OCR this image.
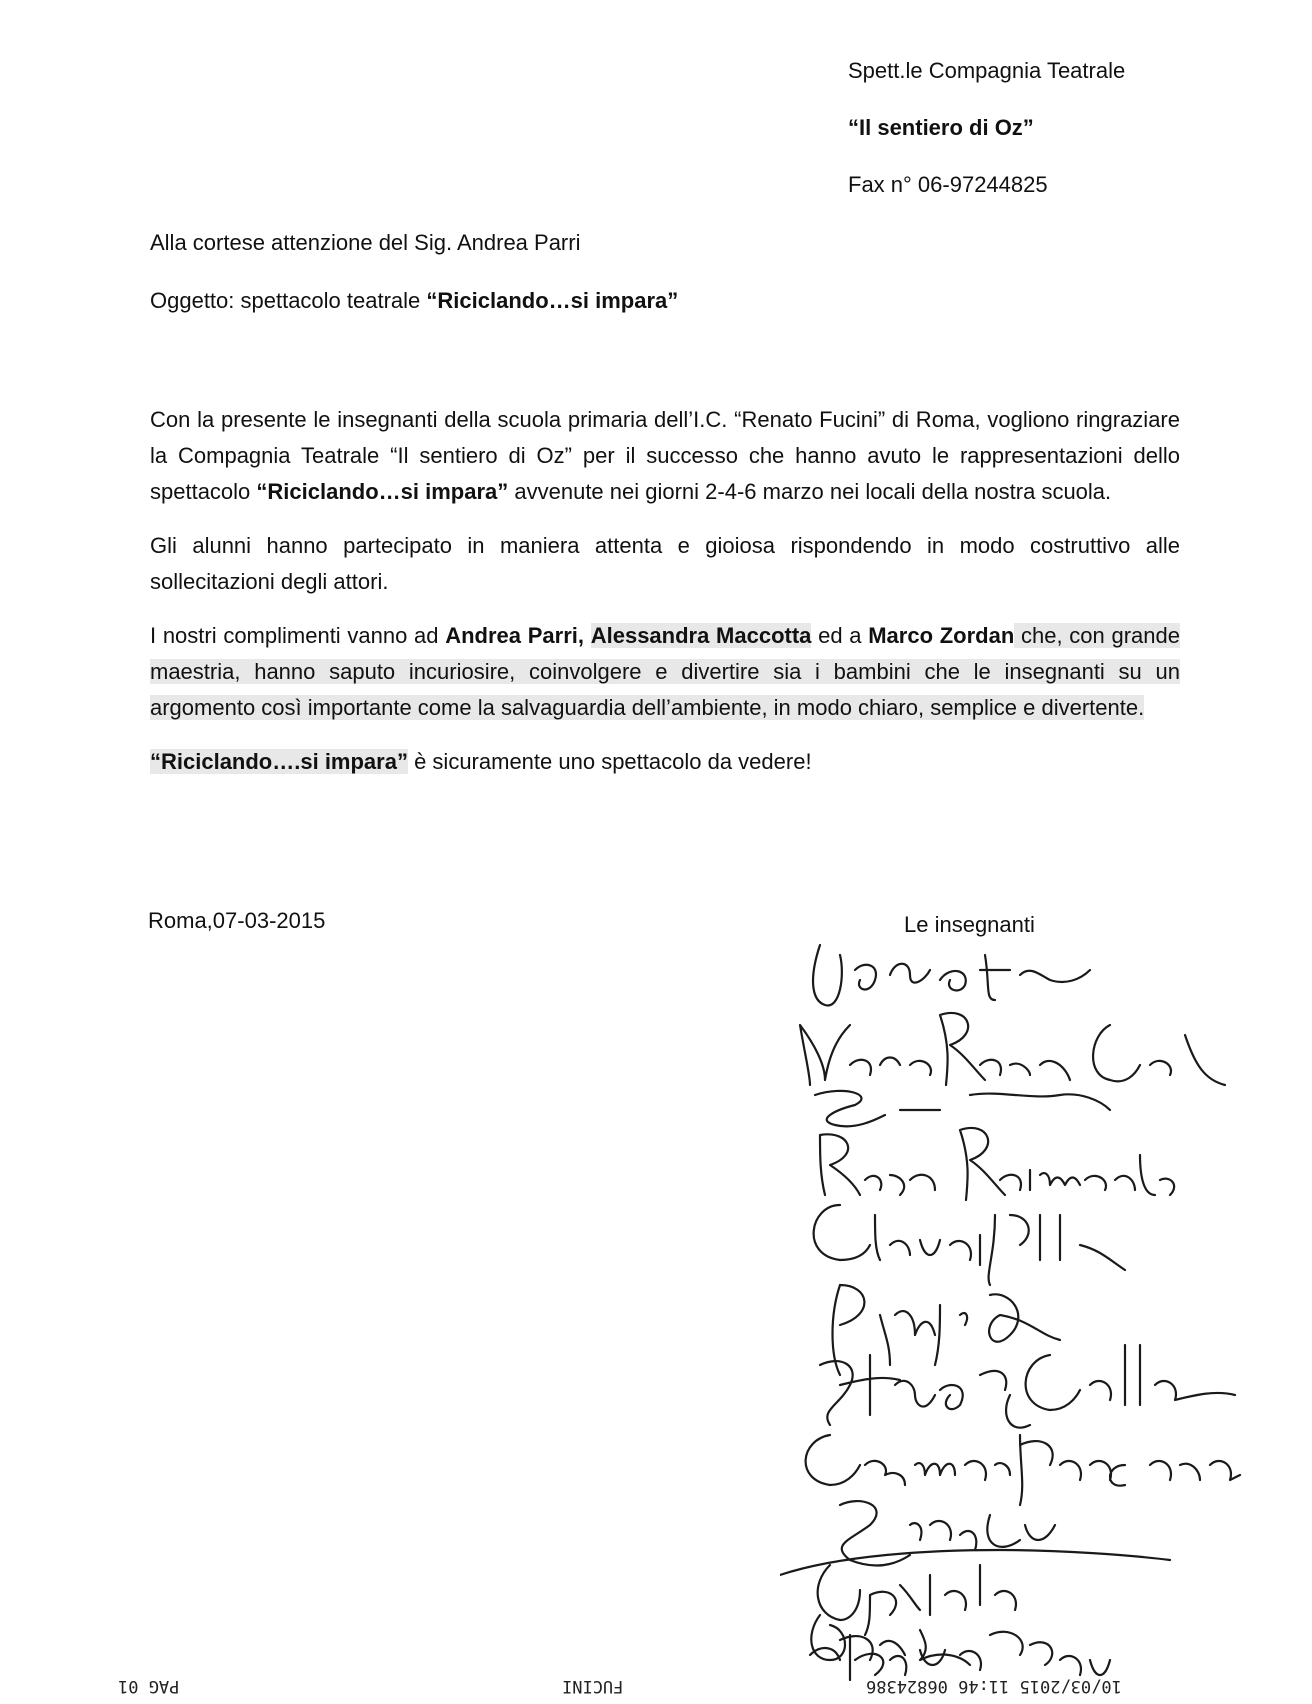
Spett.le Compagnia Teatrale
“Il sentiero di Oz”
Fax n° 06-97244825
Alla cortese attenzione del Sig. Andrea Parri
Oggetto: spettacolo teatrale “Riciclando…si impara”

Con la presente le insegnanti della scuola primaria dell’I.C. “Renato Fucini” di Roma, vogliono ringraziare la Compagnia Teatrale “Il sentiero di Oz” per il successo che hanno avuto le rappresentazioni dello spettacolo “Riciclando…si impara” avvenute nei giorni 2-4-6 marzo nei locali della nostra scuola.

Gli alunni hanno partecipato in maniera attenta e gioiosa rispondendo in modo costruttivo alle sollecitazioni degli attori.

I nostri complimenti vanno ad Andrea Parri, Alessandra Maccotta ed a Marco Zordan che, con grande maestria, hanno saputo incuriosire, coinvolgere e divertire sia i bambini che le insegnanti su un argomento così importante come la salvaguardia dell’ambiente, in modo chiaro, semplice e divertente.

“Riciclando….si impara” è sicuramente uno spettacolo da vedere!

Roma,07-03-2015	Le insegnanti
PAG 01	FUCINI	10/03/2015 11:46 0682438​6
